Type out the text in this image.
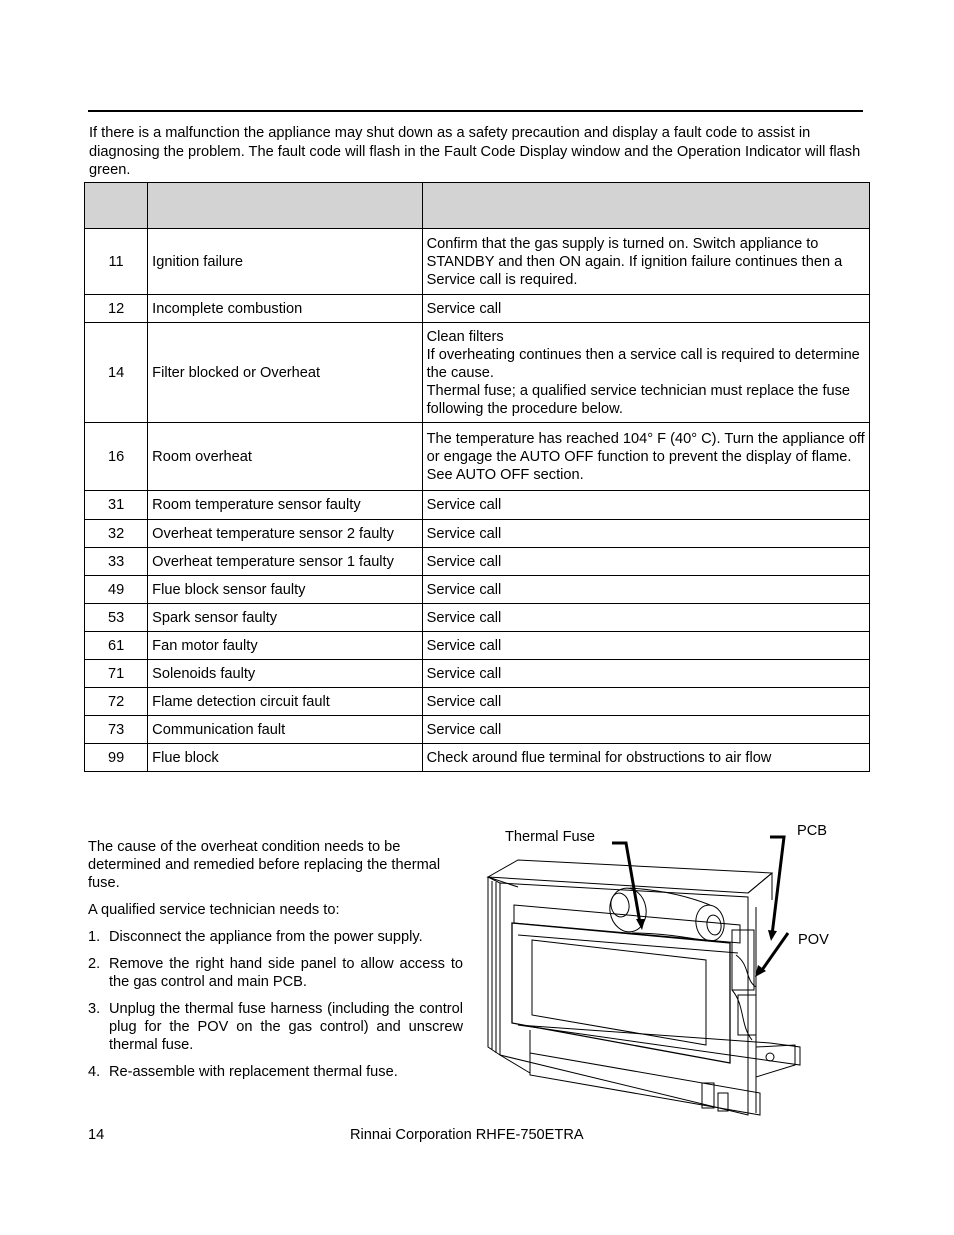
If there is a malfunction the appliance may shut down as a safety precaution and display a fault code to assist in diagnosing the problem. The fault code will flash in the Fault Code Display window and the Operation Indicator will flash green.

11	Ignition failure	Confirm that the gas supply is turned on. Switch appliance to STANDBY and then ON again. If ignition failure continues then a Service call is required.

12	Incomplete combustion	Service call

14	Filter blocked or Overheat	Clean filters
If overheating continues then a service call is required to determine the cause.
Thermal fuse; a qualified service technician must replace the fuse following the procedure below.

16	Room overheat	The temperature has reached 104° F (40° C). Turn the appliance off or engage the AUTO OFF function to prevent the display of flame. See AUTO OFF section.

31	Room temperature sensor faulty	Service call

32	Overheat temperature sensor 2 faulty	Service call

33	Overheat temperature sensor 1 faulty	Service call

49	Flue block sensor faulty	Service call

53	Spark sensor faulty	Service call

61	Fan motor faulty	Service call

71	Solenoids faulty	Service call

72	Flame detection circuit fault	Service call

73	Communication fault	Service call

99	Flue block	Check around flue terminal for obstructions to air flow

The cause of the overheat condition needs to be determined and remedied before replacing the thermal fuse.

A qualified service technician needs to:

1. Disconnect the appliance from the power supply.
2. Remove the right hand side panel to allow access to the gas control and main PCB.
3. Unplug the thermal fuse harness (including the control plug for the POV on the gas control) and unscrew thermal fuse.
4. Re-assemble with replacement thermal fuse.
Thermal Fuse	PCB
POV
14	Rinnai Corporation RHFE-750ETRA
